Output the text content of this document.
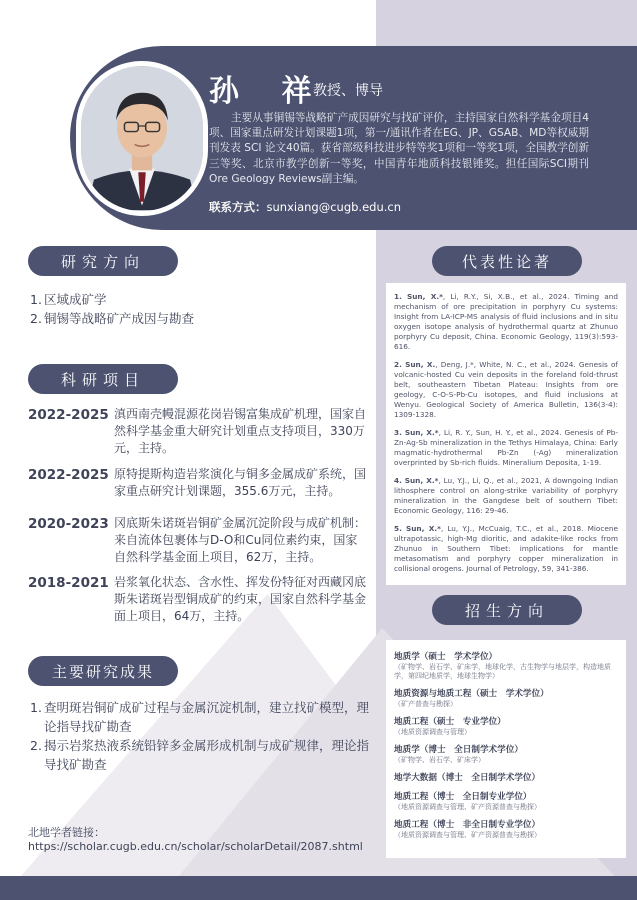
孙 祥
教授、博导
主要从事铜锡等战略矿产成因研究与找矿评价，主持国家自然科学基金项目4项、国家重点研发计划课题1项，第一/通讯作者在EG、JP、GSAB、MD等权威期刊发表 SCI 论文40篇。获省部级科技进步特等奖1项和一等奖1项，全国教学创新三等奖、北京市教学创新一等奖，中国青年地质科技银锤奖。担任国际SCI期刊Ore Geology Reviews副主编。
联系方式：sunxiang@cugb.edu.cn
研究方向
1. 区域成矿学
2. 铜锡等战略矿产成因与勘查
科研项目
2022-2025 滇西南壳幔混源花岗岩锡富集成矿机理，国家自然科学基金重大研究计划重点支持项目，330万元，主持。
2022-2025 原特提斯构造岩浆演化与铜多金属成矿系统，国家重点研究计划课题，355.6万元，主持。
2020-2023 冈底斯朱诺斑岩铜矿金属沉淀阶段与成矿机制：来自流体包裹体与D-O和Cu同位素约束，国家自然科学基金面上项目，62万，主持。
2018-2021 岩浆氧化状态、含水性、挥发份特征对西藏冈底斯朱诺斑岩型铜成矿的约束，国家自然科学基金面上项目，64万，主持。
主要研究成果
1. 查明斑岩铜矿成矿过程与金属沉淀机制，建立找矿模型，理论指导找矿勘查
2. 揭示岩浆热液系统铅锌多金属形成机制与成矿规律，理论指导找矿勘查
北地学者链接：
https://scholar.cugb.edu.cn/scholar/scholarDetail/2087.shtml
代表性论著
1. Sun, X.*, Li, R.Y., Si, X.B., et al., 2024. Timing and mechanism of ore precipitation in porphyry Cu systems: Insight from LA-ICP-MS analysis of fluid inclusions and in situ oxygen isotope analysis of hydrothermal quartz at Zhunuo porphyry Cu deposit, China. Economic Geology, 119(3):593-616.
2. Sun, X., Deng, J.*, White, N. C., et al., 2024. Genesis of volcanic-hosted Cu vein deposits in the foreland fold-thrust belt, southeastern Tibetan Plateau: Insights from ore geology, C-O-S-Pb-Cu isotopes, and fluid inclusions at Wenyu. Geological Society of America Bulletin, 136(3-4): 1309-1328.
3. Sun, X.*, Li, R. Y., Sun, H. Y., et al., 2024. Genesis of Pb-Zn-Ag-Sb mineralization in the Tethys Himalaya, China: Early magmatic-hydrothermal Pb-Zn (-Ag) mineralization overprinted by Sb-rich fluids. Mineralium Deposita, 1-19.
4. Sun, X.*, Lu, Y.J., Li, Q., et al., 2021, A downgoing Indian lithosphere control on along-strike variability of porphyry mineralization in the Gangdese belt of southern Tibet: Economic Geology, 116: 29-46.
5. Sun, X.*, Lu, Y.J., McCuaig, T.C., et al., 2018. Miocene ultrapotassic, high-Mg dioritic, and adakite-like rocks from Zhunuo in Southern Tibet: implications for mantle metasomatism and porphyry copper mineralization in collisional orogens. Journal of Petrology, 59, 341-386.
招生方向
地质学（硕士　学术学位）
（矿物学、岩石学、矿床学，地球化学，古生物学与地层学，构造地质学，第四纪地质学，地球生物学）
地质资源与地质工程（硕士　学术学位）
（矿产普查与勘探）
地质工程（硕士　专业学位）
（地质资源调查与管理）
地质学（博士　全日制学术学位）
（矿物学、岩石学、矿床学）
地学大数据（博士　全日制学术学位）
地质工程（博士　全日制专业学位）
（地质资源调查与管理、矿产资源普查与勘探）
地质工程（博士　非全日制专业学位）
（地质资源调查与管理、矿产资源普查与勘探）
